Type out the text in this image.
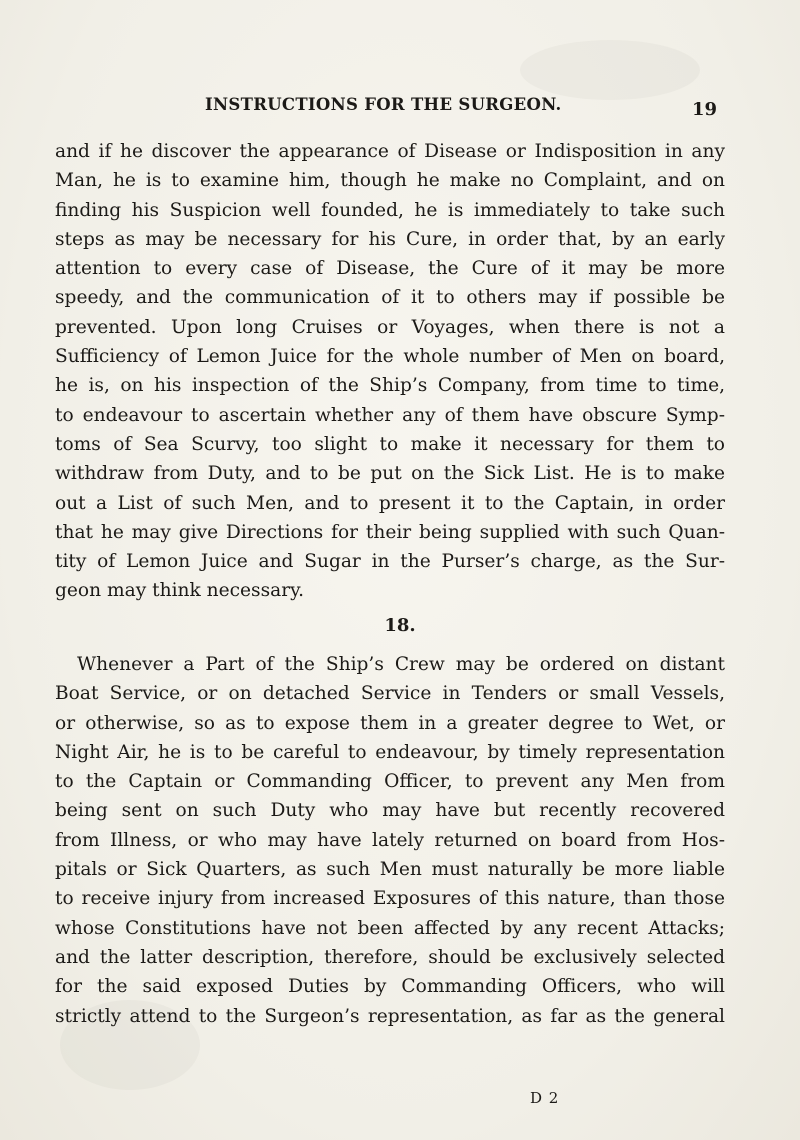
INSTRUCTIONS FOR THE SURGEON.	19

and if he discover the appearance of Disease or Indisposition in any
Man, he is to examine him, though he make no Complaint, and on
finding his Suspicion well founded, he is immediately to take such
steps as may be necessary for his Cure, in order that, by an early
attention to every case of Disease, the Cure of it may be more
speedy, and the communication of it to others may if possible be
prevented. Upon long Cruises or Voyages, when there is not a
Sufficiency of Lemon Juice for the whole number of Men on board,
he is, on his inspection of the Ship’s Company, from time to time,
to endeavour to ascertain whether any of them have obscure Symp-
toms of Sea Scurvy, too slight to make it necessary for them to
withdraw from Duty, and to be put on the Sick List. He is to make
out a List of such Men, and to present it to the Captain, in order
that he may give Directions for their being supplied with such Quan-
tity of Lemon Juice and Sugar in the Purser’s charge, as the Sur-
geon may think necessary.

18.

Whenever a Part of the Ship’s Crew may be ordered on distant
Boat Service, or on detached Service in Tenders or small Vessels,
or otherwise, so as to expose them in a greater degree to Wet, or
Night Air, he is to be careful to endeavour, by timely representation
to the Captain or Commanding Officer, to prevent any Men from
being sent on such Duty who may have but recently recovered
from Illness, or who may have lately returned on board from Hos-
pitals or Sick Quarters, as such Men must naturally be more liable
to receive injury from increased Exposures of this nature, than those
whose Constitutions have not been affected by any recent Attacks;
and the latter description, therefore, should be exclusively selected
for the said exposed Duties by Commanding Officers, who will
strictly attend to the Surgeon’s representation, as far as the general

D 2
